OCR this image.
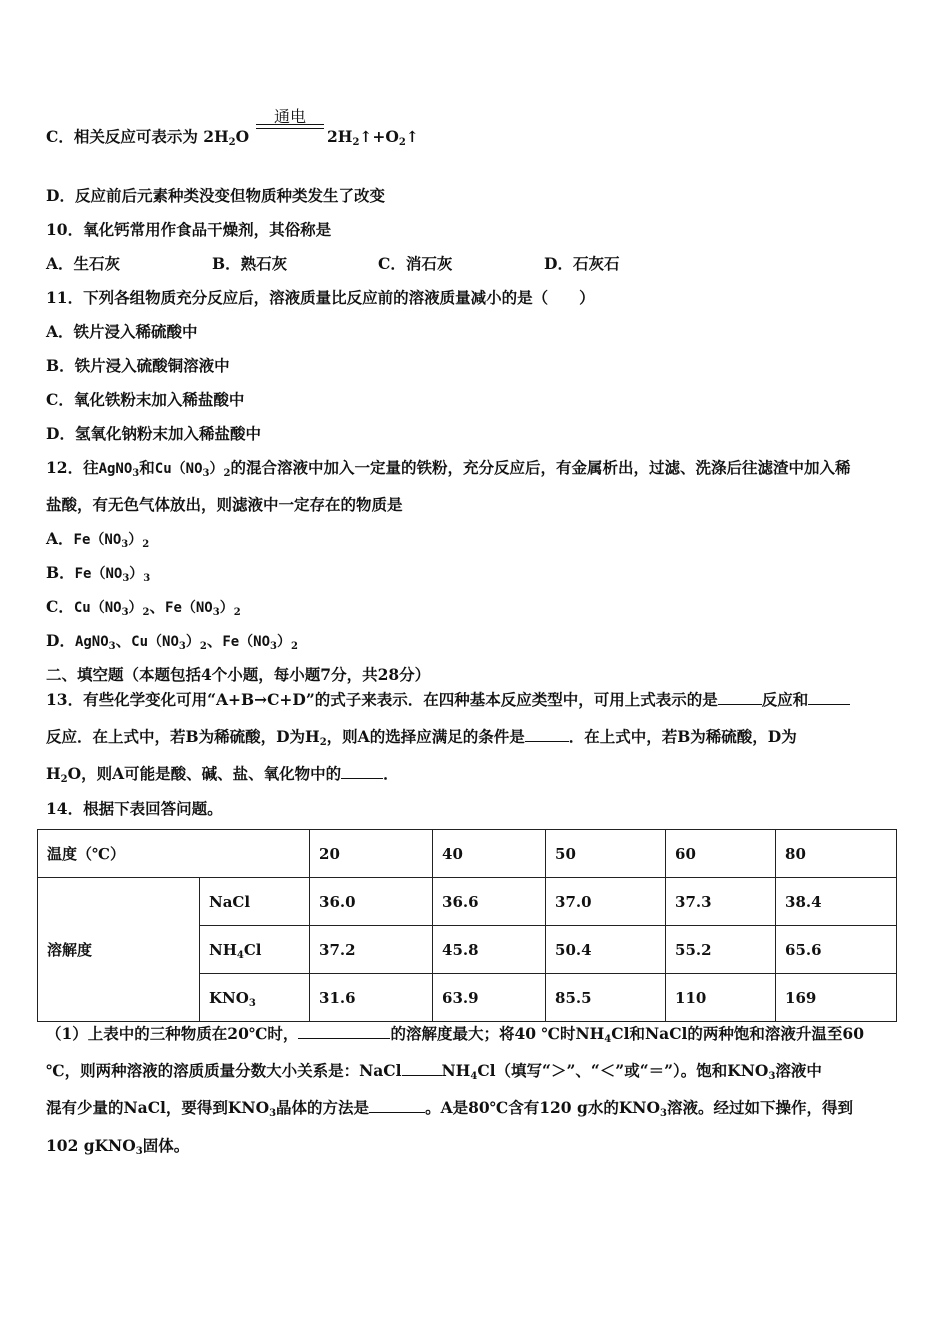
C．相关反应可表示为 $2H_2O$
通电
$2H_2↑+O_2↑$
D．反应前后元素种类没变但物质种类发生了改变
10．氧化钙常用作食品干燥剂，其俗称是
A．生石灰	B．熟石灰	C．消石灰	D．石灰石
11．下列各组物质充分反应后，溶液质量比反应前的溶液质量减小的是（　　）
A．铁片浸入稀硫酸中
B．铁片浸入硫酸铜溶液中
C．氧化铁粉末加入稀盐酸中
D．氢氧化钠粉末加入稀盐酸中
12．往AgNO$_3$和$Cu(NO_3)_2$的混合溶液中加入一定量的铁粉，充分反应后，有金属析出，过滤、洗涤后往滤渣中加入稀
盐酸，有无色气体放出，则滤液中一定存在的物质是
A．$Fe(NO_3)_2$
B．$Fe(NO_3)_3$
C．$Cu(NO_3)_2$、$Fe(NO_3)_2$
D．AgNO$_3$、$Cu(NO_3)_2$、$Fe(NO_3)_2$
二、填空题（本题包括4个小题，每小题7分，共28分）
13．有些化学变化可用“A+B→C+D”的式子来表示．在四种基本反应类型中，可用上式表示的是	反应和
反应．在上式中，若B为稀硫酸，D为$H_2$，则A的选择应满足的条件是	．在上式中，若B为稀硫酸，D为
$H_2O$，则A可能是酸、碱、盐、氧化物中的	．
14．根据下表回答问题。
温度（℃）		20	40	50	60	80
溶解度	NaCl	36.0	36.6	37.0	37.3	38.4
	$NH_4Cl$	37.2	45.8	50.4	55.2	65.6
	$KNO_3$	31.6	63.9	85.5	110	169
（1）上表中的三种物质在20℃时，	的溶解度最大；将40 ℃时$NH_4Cl$和NaCl的两种饱和溶液升温至60
℃，则两种溶液的溶质质量分数大小关系是：NaCl	$NH_4Cl$（填写“＞”、“＜”或“＝”）。饱和$KNO_3$溶液中
混有少量的NaCl，要得到$KNO_3$晶体的方法是	。A是80℃含有120 g水的$KNO_3$溶液。经过如下操作，得到
102 gKNO$_3$固体。
